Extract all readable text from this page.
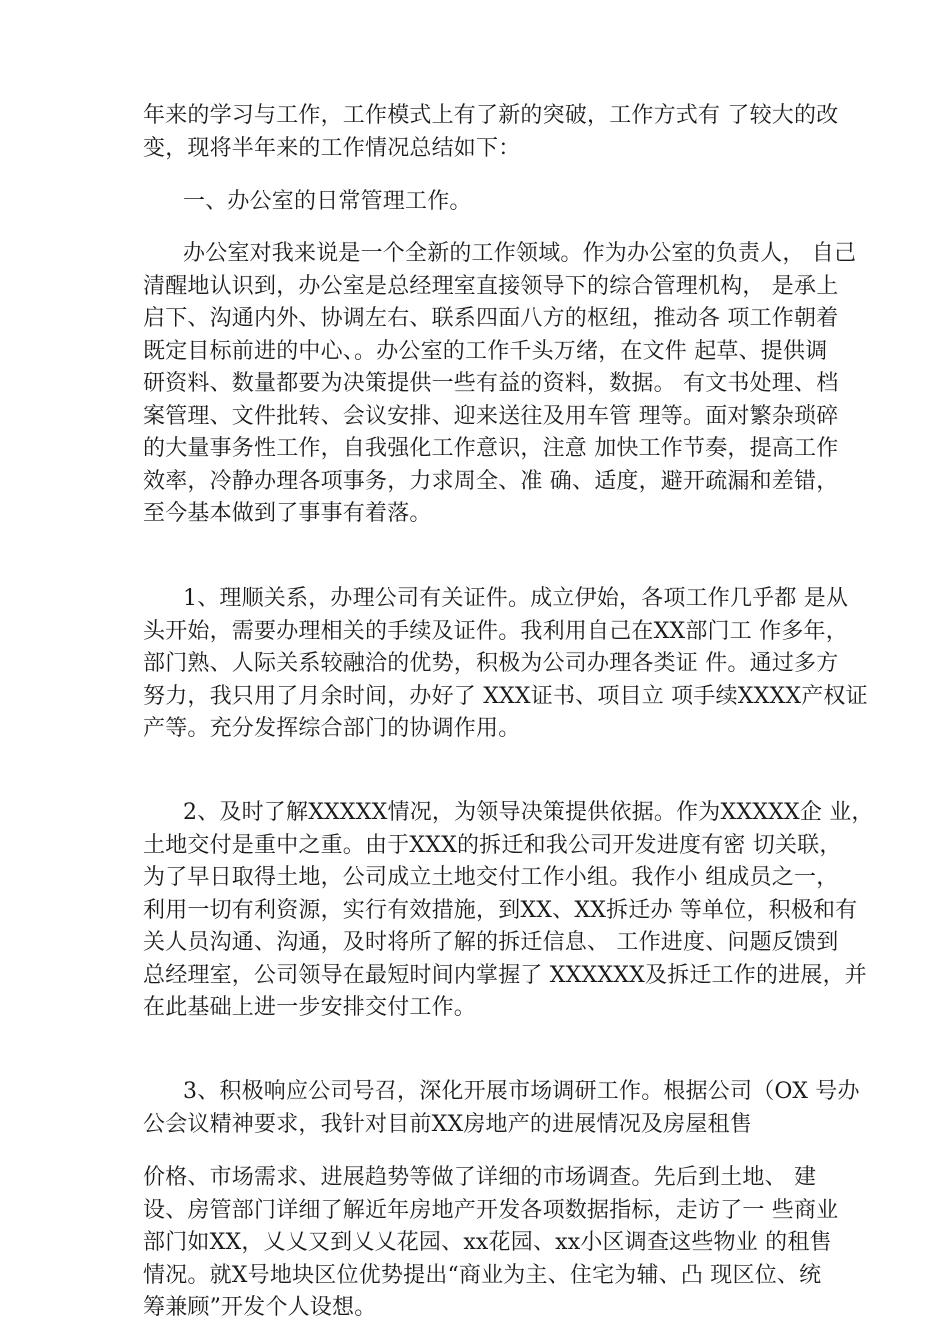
年来的学习与工作，工作模式上有了新的突破，工作方式有 了较大的改
变，现将半年来的工作情况总结如下：
一、办公室的日常管理工作。
办公室对我来说是一个全新的工作领域。作为办公室的负责人， 自己
清醒地认识到，办公室是总经理室直接领导下的综合管理机构， 是承上
启下、沟通内外、协调左右、联系四面八方的枢纽，推动各 项工作朝着
既定目标前进的中心、。办公室的工作千头万绪，在文件 起草、提供调
研资料、数量都要为决策提供一些有益的资料，数据。 有文书处理、档
案管理、文件批转、会议安排、迎来送往及用车管 理等。面对繁杂琐碎
的大量事务性工作，自我强化工作意识，注意 加快工作节奏，提高工作
效率，冷静办理各项事务，力求周全、准 确、适度，避开疏漏和差错，
至今基本做到了事事有着落。
1、理顺关系，办理公司有关证件。成立伊始，各项工作几乎都 是从
头开始，需要办理相关的手续及证件。我利用自己在XX部门工 作多年，
部门熟、人际关系较融洽的优势，积极为公司办理各类证 件。通过多方
努力，我只用了月余时间，办好了 XXX证书、项目立 项手续XXXX产权证
产等。充分发挥综合部门的协调作用。
2、及时了解XXXXX情况，为领导决策提供依据。作为XXXXX企 业，
土地交付是重中之重。由于XXX的拆迁和我公司开发进度有密 切关联，
为了早日取得土地，公司成立土地交付工作小组。我作小 组成员之一，
利用一切有利资源，实行有效措施，到XX、XX拆迁办 等单位，积极和有
关人员沟通、沟通，及时将所了解的拆迁信息、 工作进度、问题反馈到
总经理室，公司领导在最短时间内掌握了 XXXXXX及拆迁工作的进展，并
在此基础上进一步安排交付工作。
3、积极响应公司号召，深化开展市场调研工作。根据公司（OX 号办
公会议精神要求，我针对目前XX房地产的进展情况及房屋租售
价格、市场需求、进展趋势等做了详细的市场调查。先后到土地、 建
设、房管部门详细了解近年房地产开发各项数据指标，走访了一 些商业
部门如XX，乂乂又到乂乂花园、xx花园、xx小区调查这些物业 的租售
情况。就X号地块区位优势提出“商业为主、住宅为辅、凸 现区位、统
筹兼顾”开发个人设想。
